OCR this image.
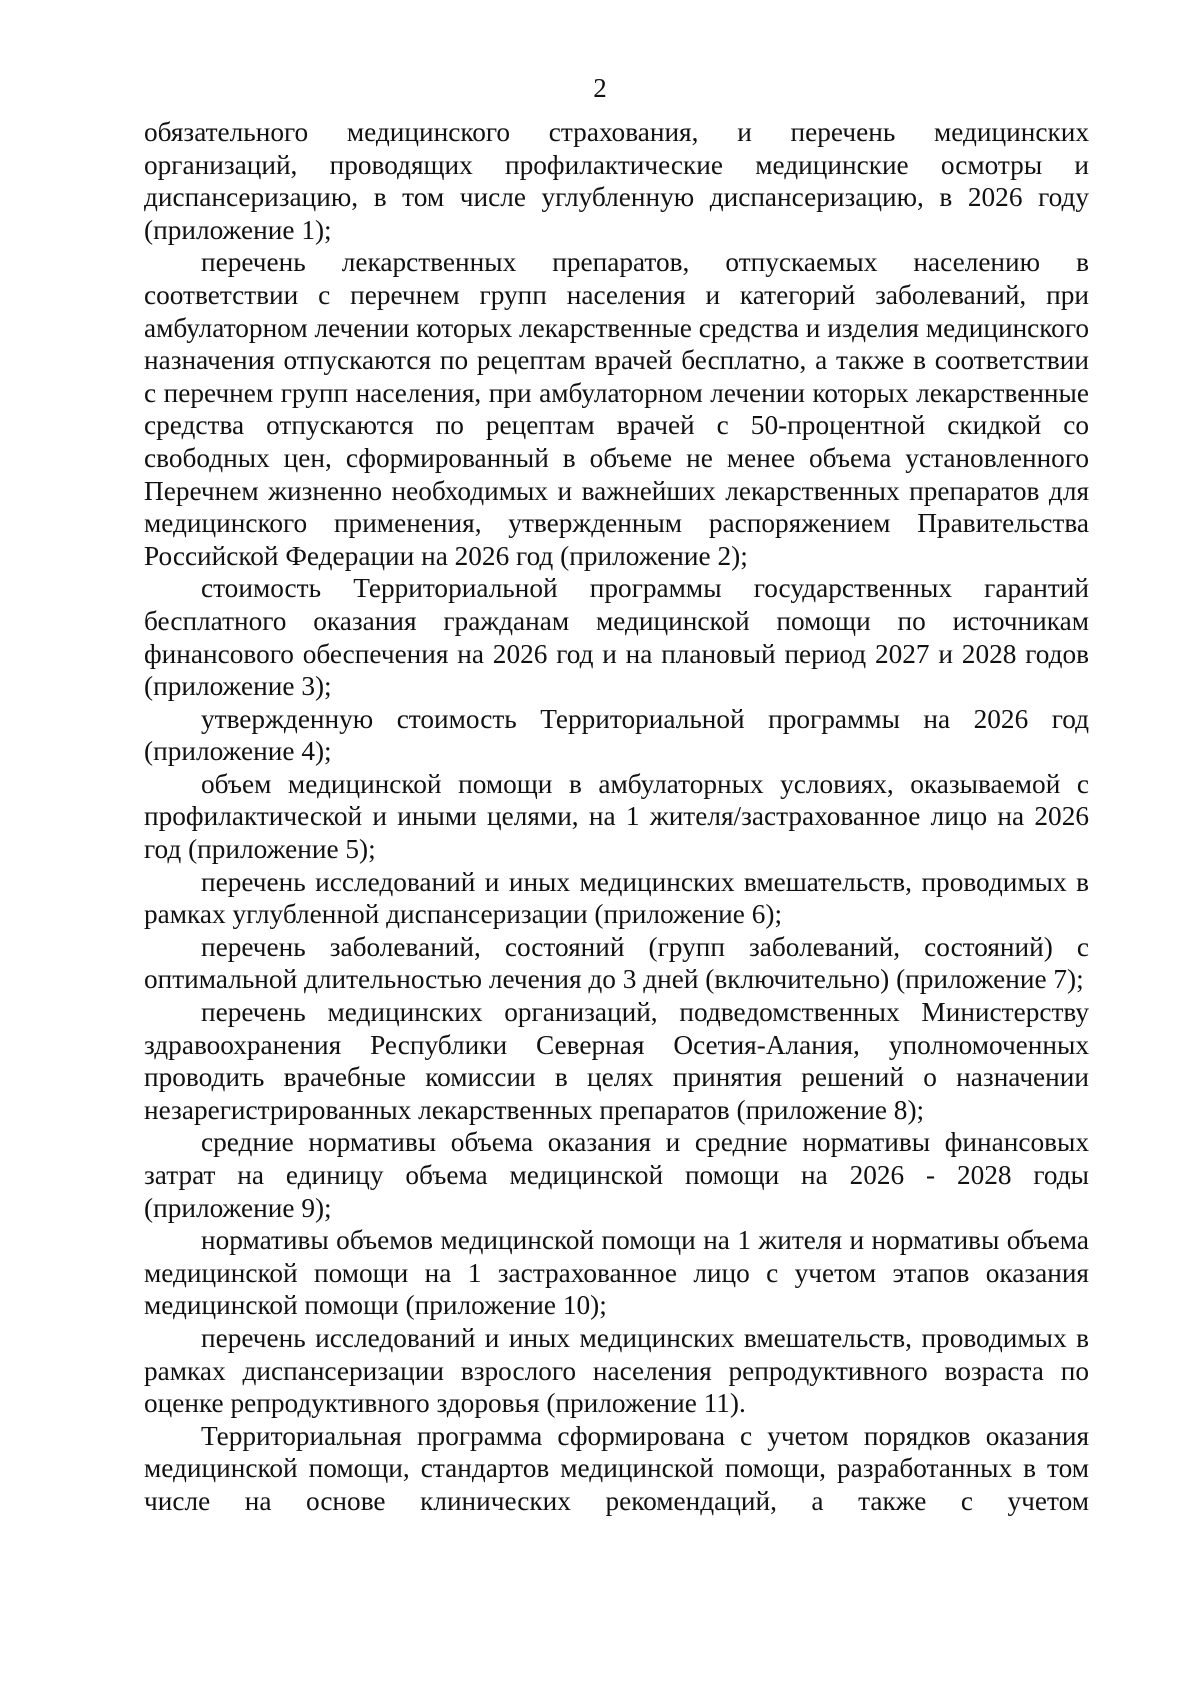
2

обязательного медицинского страхования, и перечень медицинских организаций, проводящих профилактические медицинские осмотры и диспансеризацию, в том числе углубленную диспансеризацию, в 2026 году (приложение 1);

перечень лекарственных препаратов, отпускаемых населению в соответствии с перечнем групп населения и категорий заболеваний, при амбулаторном лечении которых лекарственные средства и изделия медицинского назначения отпускаются по рецептам врачей бесплатно, а также в соответствии с перечнем групп населения, при амбулаторном лечении которых лекарственные средства отпускаются по рецептам врачей с 50-процентной скидкой со свободных цен, сформированный в объеме не менее объема установленного Перечнем жизненно необходимых и важнейших лекарственных препаратов для медицинского применения, утвержденным распоряжением Правительства Российской Федерации на 2026 год (приложение 2);

стоимость Территориальной программы государственных гарантий бесплатного оказания гражданам медицинской помощи по источникам финансового обеспечения на 2026 год и на плановый период 2027 и 2028 годов (приложение 3);

утвержденную стоимость Территориальной программы на 2026 год (приложение 4);

объем медицинской помощи в амбулаторных условиях, оказываемой с профилактической и иными целями, на 1 жителя/застрахованное лицо на 2026 год (приложение 5);

перечень исследований и иных медицинских вмешательств, проводимых в рамках углубленной диспансеризации (приложение 6);

перечень заболеваний, состояний (групп заболеваний, состояний) с оптимальной длительностью лечения до 3 дней (включительно) (приложение 7);

перечень медицинских организаций, подведомственных Министерству здравоохранения Республики Северная Осетия-Алания, уполномоченных проводить врачебные комиссии в целях принятия решений о назначении незарегистрированных лекарственных препаратов (приложение 8);

средние нормативы объема оказания и средние нормативы финансовых затрат на единицу объема медицинской помощи на 2026 - 2028 годы (приложение 9);

нормативы объемов медицинской помощи на 1 жителя и нормативы объема медицинской помощи на 1 застрахованное лицо с учетом этапов оказания медицинской помощи (приложение 10);

перечень исследований и иных медицинских вмешательств, проводимых в рамках диспансеризации взрослого населения репродуктивного возраста по оценке репродуктивного здоровья (приложение 11).

Территориальная программа сформирована с учетом порядков оказания медицинской помощи, стандартов медицинской помощи, разработанных в том числе на основе клинических рекомендаций, а также с учетом
